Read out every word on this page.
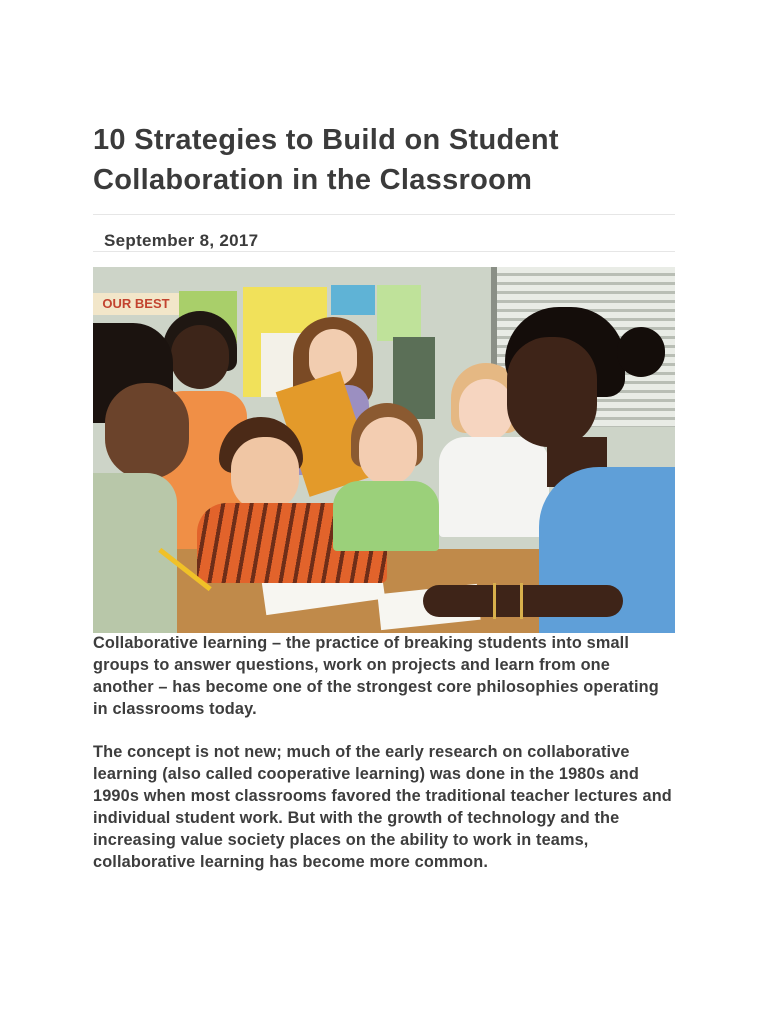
10 Strategies to Build on Student Collaboration in the Classroom
September 8, 2017
OUR BEST

Collaborative learning – the practice of breaking students into small groups to answer questions, work on projects and learn from one another – has become one of the strongest core philosophies operating in classrooms today.

The concept is not new; much of the early research on collaborative learning (also called cooperative learning) was done in the 1980s and 1990s when most classrooms favored the traditional teacher lectures and individual student work. But with the growth of technology and the increasing value society places on the ability to work in teams, collaborative learning has become more common.
